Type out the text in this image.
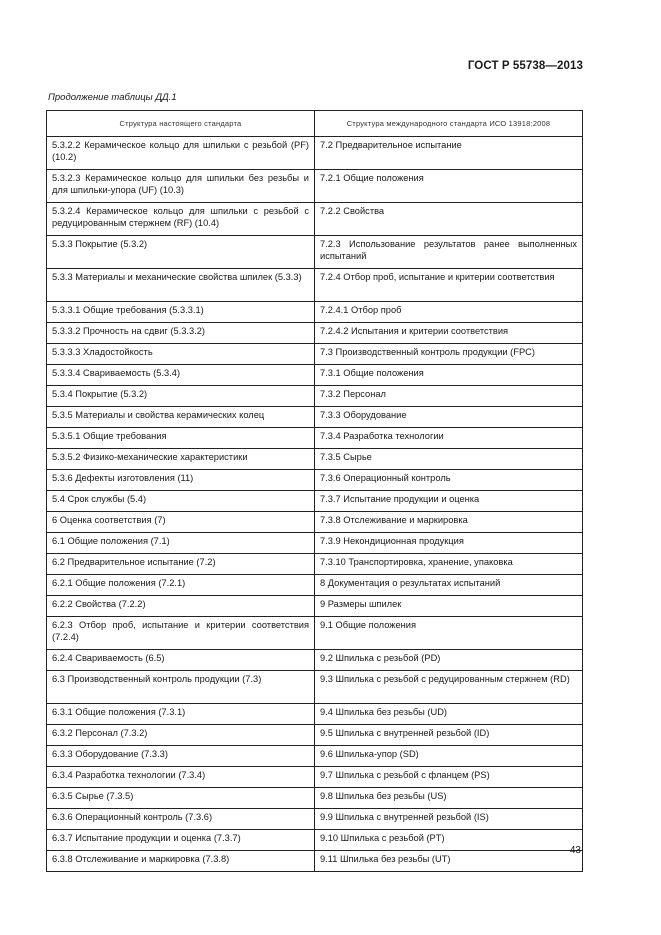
ГОСТ Р 55738—2013
Продолжение таблицы ДД.1
Структура настоящего стандарта	Структура международного стандарта ИСО 13918:2008
5.3.2.2 Керамическое кольцо для шпильки с резьбой (PF) (10.2)	7.2 Предварительное испытание
5.3.2.3 Керамическое кольцо для шпильки без резьбы и для шпильки-упора (UF) (10.3)	7.2.1 Общие положения
5.3.2.4 Керамическое кольцо для шпильки с резьбой с редуцированным стержнем (RF) (10.4)	7.2.2 Свойства
5.3.3 Покрытие (5.3.2)	7.2.3 Использование результатов ранее выполненных испытаний
5.3.3 Материалы и механические свойства шпилек (5.3.3)	7.2.4 Отбор проб, испытание и критерии соответствия
5.3.3.1 Общие требования (5.3.3.1)	7.2.4.1 Отбор проб
5.3.3.2 Прочность на сдвиг (5.3.3.2)	7.2.4.2 Испытания и критерии соответствия
5.3.3.3 Хладостойкость	7.3 Производственный контроль продукции (FPC)
5.3.3.4 Свариваемость (5.3.4)	7.3.1 Общие положения
5.3.4 Покрытие (5.3.2)	7.3.2 Персонал
5.3.5 Материалы и свойства керамических колец	7.3.3 Оборудование
5.3.5.1 Общие требования	7.3.4 Разработка технологии
5.3.5.2 Физико-механические характеристики	7.3.5 Сырье
5.3.6 Дефекты изготовления (11)	7.3.6 Операционный контроль
5.4 Срок службы (5.4)	7.3.7 Испытание продукции и оценка
6 Оценка соответствия (7)	7.3.8 Отслеживание и маркировка
6.1 Общие положения (7.1)	7.3.9 Некондиционная продукция
6.2 Предварительное испытание (7.2)	7.3.10 Транспортировка, хранение, упаковка
6.2.1 Общие положения (7.2.1)	8 Документация о результатах испытаний
6.2.2 Свойства (7.2.2)	9 Размеры шпилек
6.2.3 Отбор проб, испытание и критерии соответствия (7.2.4)	9.1 Общие положения
6.2.4 Свариваемость (6.5)	9.2 Шпилька с резьбой (PD)
6.3 Производственный контроль продукции (7.3)	9.3 Шпилька с резьбой с редуцированным стержнем (RD)
6.3.1 Общие положения (7.3.1)	9.4 Шпилька без резьбы (UD)
6.3.2 Персонал (7.3.2)	9.5 Шпилька с внутренней резьбой (ID)
6.3.3 Оборудование (7.3.3)	9.6 Шпилька-упор (SD)
6.3.4 Разработка технологии (7.3.4)	9.7 Шпилька с резьбой с фланцем (PS)
6.3.5 Сырье (7.3.5)	9.8 Шпилька без резьбы (US)
6.3.6 Операционный контроль (7.3.6)	9.9 Шпилька с внутренней резьбой (IS)
6.3.7 Испытание продукции и оценка (7.3.7)	9.10 Шпилька с резьбой (PT)
6.3.8 Отслеживание и маркировка (7.3.8)	9.11 Шпилька без резьбы (UT)
43
